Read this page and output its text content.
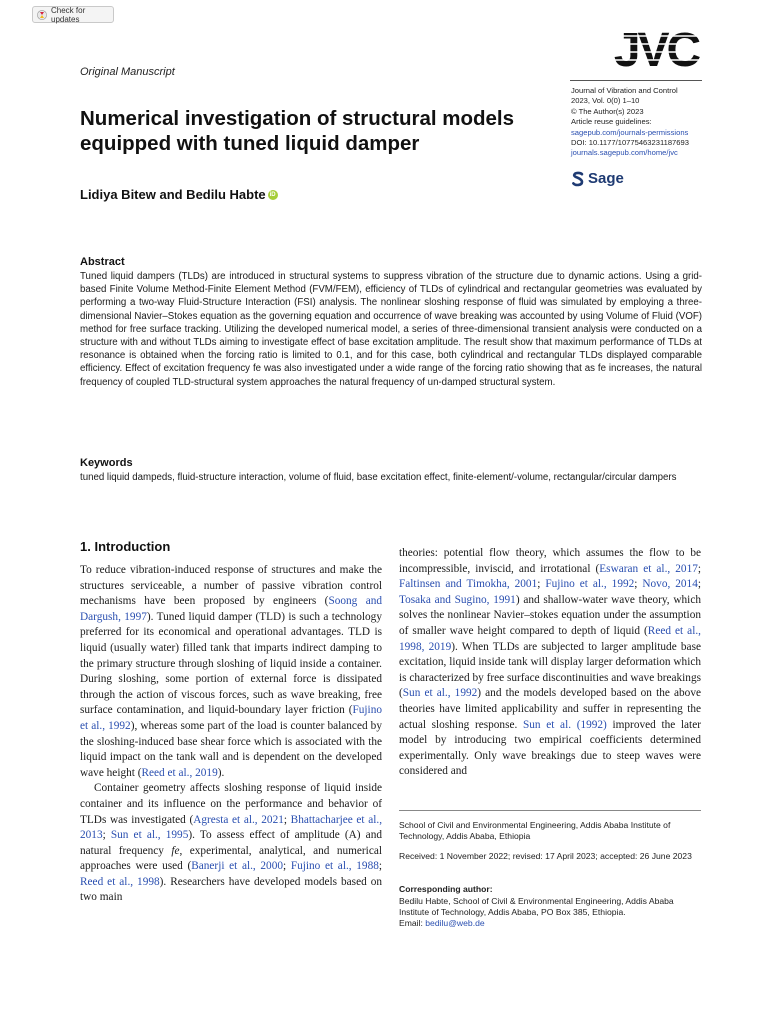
Check for updates
Original Manuscript	JVC
Journal of Vibration and Control
2023, Vol. 0(0) 1–10
© The Author(s) 2023
Article reuse guidelines:
sagepub.com/journals-permissions
DOI: 10.1177/10775463231187693
journals.sagepub.com/home/jvc
Sage
Numerical investigation of structural models equipped with tuned liquid damper
Lidiya Bitew and Bedilu Habte iD
Abstract

Tuned liquid dampers (TLDs) are introduced in structural systems to suppress vibration of the structure due to dynamic actions. Using a grid-based Finite Volume Method-Finite Element Method (FVM/FEM), efficiency of TLDs of cylindrical and rectangular geometries was evaluated by performing a two-way Fluid-Structure Interaction (FSI) analysis. The nonlinear sloshing response of fluid was simulated by employing a three-dimensional Navier–Stokes equation as the governing equation and occurrence of wave breaking was accounted by using Volume of Fluid (VOF) method for free surface tracking. Utilizing the developed numerical model, a series of three-dimensional transient analysis were conducted on a structure with and without TLDs aiming to investigate effect of base excitation amplitude. The result show that maximum performance of TLDs at resonance is obtained when the forcing ratio is limited to 0.1, and for this case, both cylindrical and rectangular TLDs displayed comparable efficiency. Effect of excitation frequency fe was also investigated under a wide range of the forcing ratio showing that as fe increases, the natural frequency of coupled TLD-structural system approaches the natural frequency of un-damped structural system.

Keywords

tuned liquid dampeds, fluid-structure interaction, volume of fluid, base excitation effect, finite-element/-volume, rectangular/circular dampers

1. Introduction

To reduce vibration-induced response of structures and make the structures serviceable, a number of passive vibration control mechanisms have been proposed by engineers (Soong and Dargush, 1997). Tuned liquid damper (TLD) is such a technology preferred for its economical and operational advantages. TLD is liquid (usually water) filled tank that imparts indirect damping to the primary structure through sloshing of liquid inside a container. During sloshing, some portion of external force is dissipated through the action of viscous forces, such as wave breaking, free surface contamination, and liquid-boundary layer friction (Fujino et al., 1992), whereas some part of the load is counter balanced by the sloshing-induced base shear force which is associated with the liquid impact on the tank wall and is dependent on the developed wave height (Reed et al., 2019).

Container geometry affects sloshing response of liquid inside container and its influence on the performance and behavior of TLDs was investigated (Agresta et al., 2021; Bhattacharjee et al., 2013; Sun et al., 1995). To assess effect of amplitude (A) and natural frequency fe, experimental, analytical, and numerical approaches were used (Banerji et al., 2000; Fujino et al., 1988; Reed et al., 1998). Researchers have developed models based on two main

theories: potential flow theory, which assumes the flow to be incompressible, inviscid, and irrotational (Eswaran et al., 2017; Faltinsen and Timokha, 2001; Fujino et al., 1992; Novo, 2014; Tosaka and Sugino, 1991) and shallow-water wave theory, which solves the nonlinear Navier–stokes equation under the assumption of smaller wave height compared to depth of liquid (Reed et al., 1998, 2019). When TLDs are subjected to larger amplitude base excitation, liquid inside tank will display larger deformation which is characterized by free surface discontinuities and wave breakings (Sun et al., 1992) and the models developed based on the above theories have limited applicability and suffer in representing the actual sloshing response. Sun et al. (1992) improved the later model by introducing two empirical coefficients determined experimentally. Only wave breakings due to steep waves were considered and

School of Civil and Environmental Engineering, Addis Ababa Institute of Technology, Addis Ababa, Ethiopia
Received: 1 November 2022; revised: 17 April 2023; accepted: 26 June 2023
Corresponding author:
Bedilu Habte, School of Civil & Environmental Engineering, Addis Ababa Institute of Technology, Addis Ababa, PO Box 385, Ethiopia.
Email: bedilu@web.de
